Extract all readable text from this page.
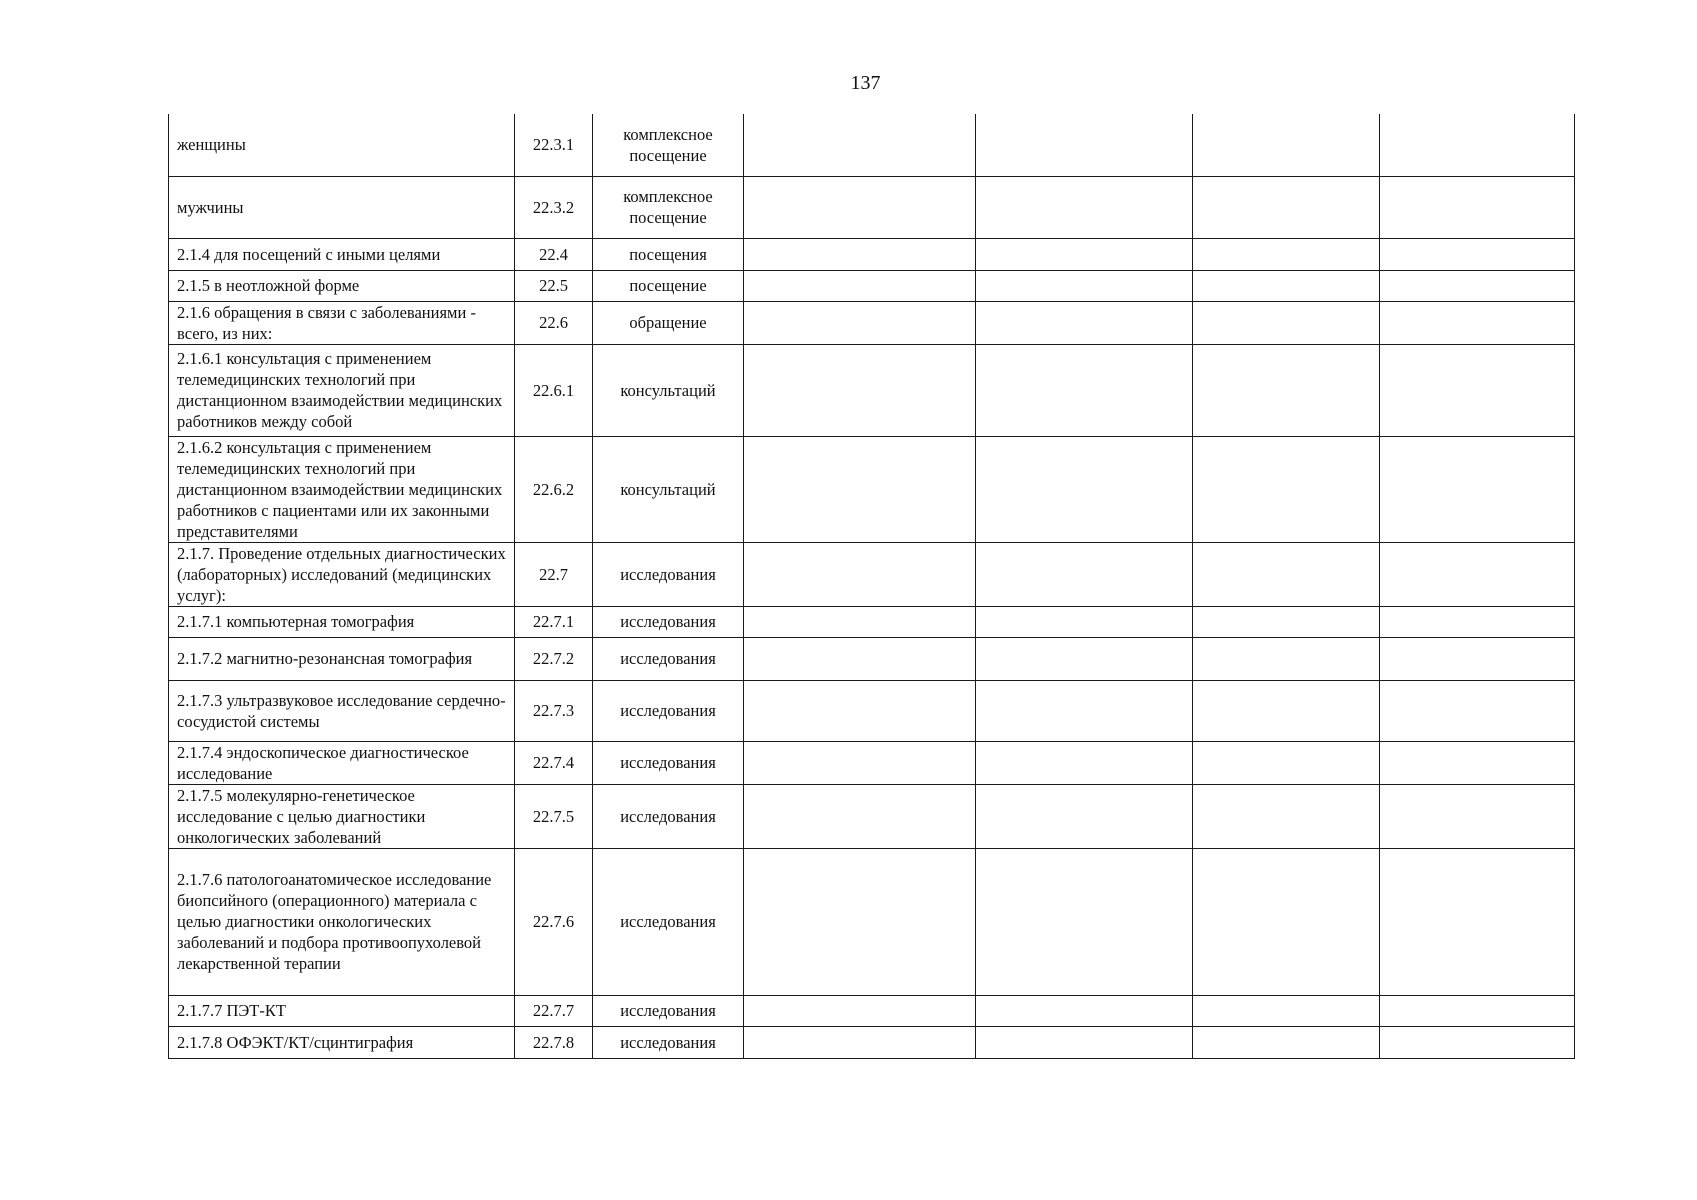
137
женщины	22.3.1	комплексное посещение				
мужчины	22.3.2	комплексное посещение				
2.1.4 для посещений с иными целями	22.4	посещения				
2.1.5 в неотложной форме	22.5	посещение				
2.1.6 обращения в связи с заболеваниями - всего, из них:	22.6	обращение				
2.1.6.1 консультация с применением телемедицинских технологий при дистанционном взаимодействии медицинских работников между собой	22.6.1	консультаций				
2.1.6.2 консультация с применением телемедицинских технологий при дистанционном взаимодействии медицинских работников с пациентами или их законными представителями	22.6.2	консультаций				
2.1.7. Проведение отдельных диагностических (лабораторных) исследований (медицинских услуг):	22.7	исследования				
2.1.7.1 компьютерная томография	22.7.1	исследования				
2.1.7.2 магнитно-резонансная томография	22.7.2	исследования				
2.1.7.3 ультразвуковое исследование сердечно-сосудистой системы	22.7.3	исследования				
2.1.7.4 эндоскопическое диагностическое исследование	22.7.4	исследования				
2.1.7.5 молекулярно-генетическое исследование с целью диагностики онкологических заболеваний	22.7.5	исследования				
2.1.7.6 патологоанатомическое исследование биопсийного (операционного) материала с целью диагностики онкологических заболеваний и подбора противоопухолевой лекарственной терапии	22.7.6	исследования				
2.1.7.7 ПЭТ-КТ	22.7.7	исследования				
2.1.7.8 ОФЭКТ/КТ/сцинтиграфия	22.7.8	исследования				
